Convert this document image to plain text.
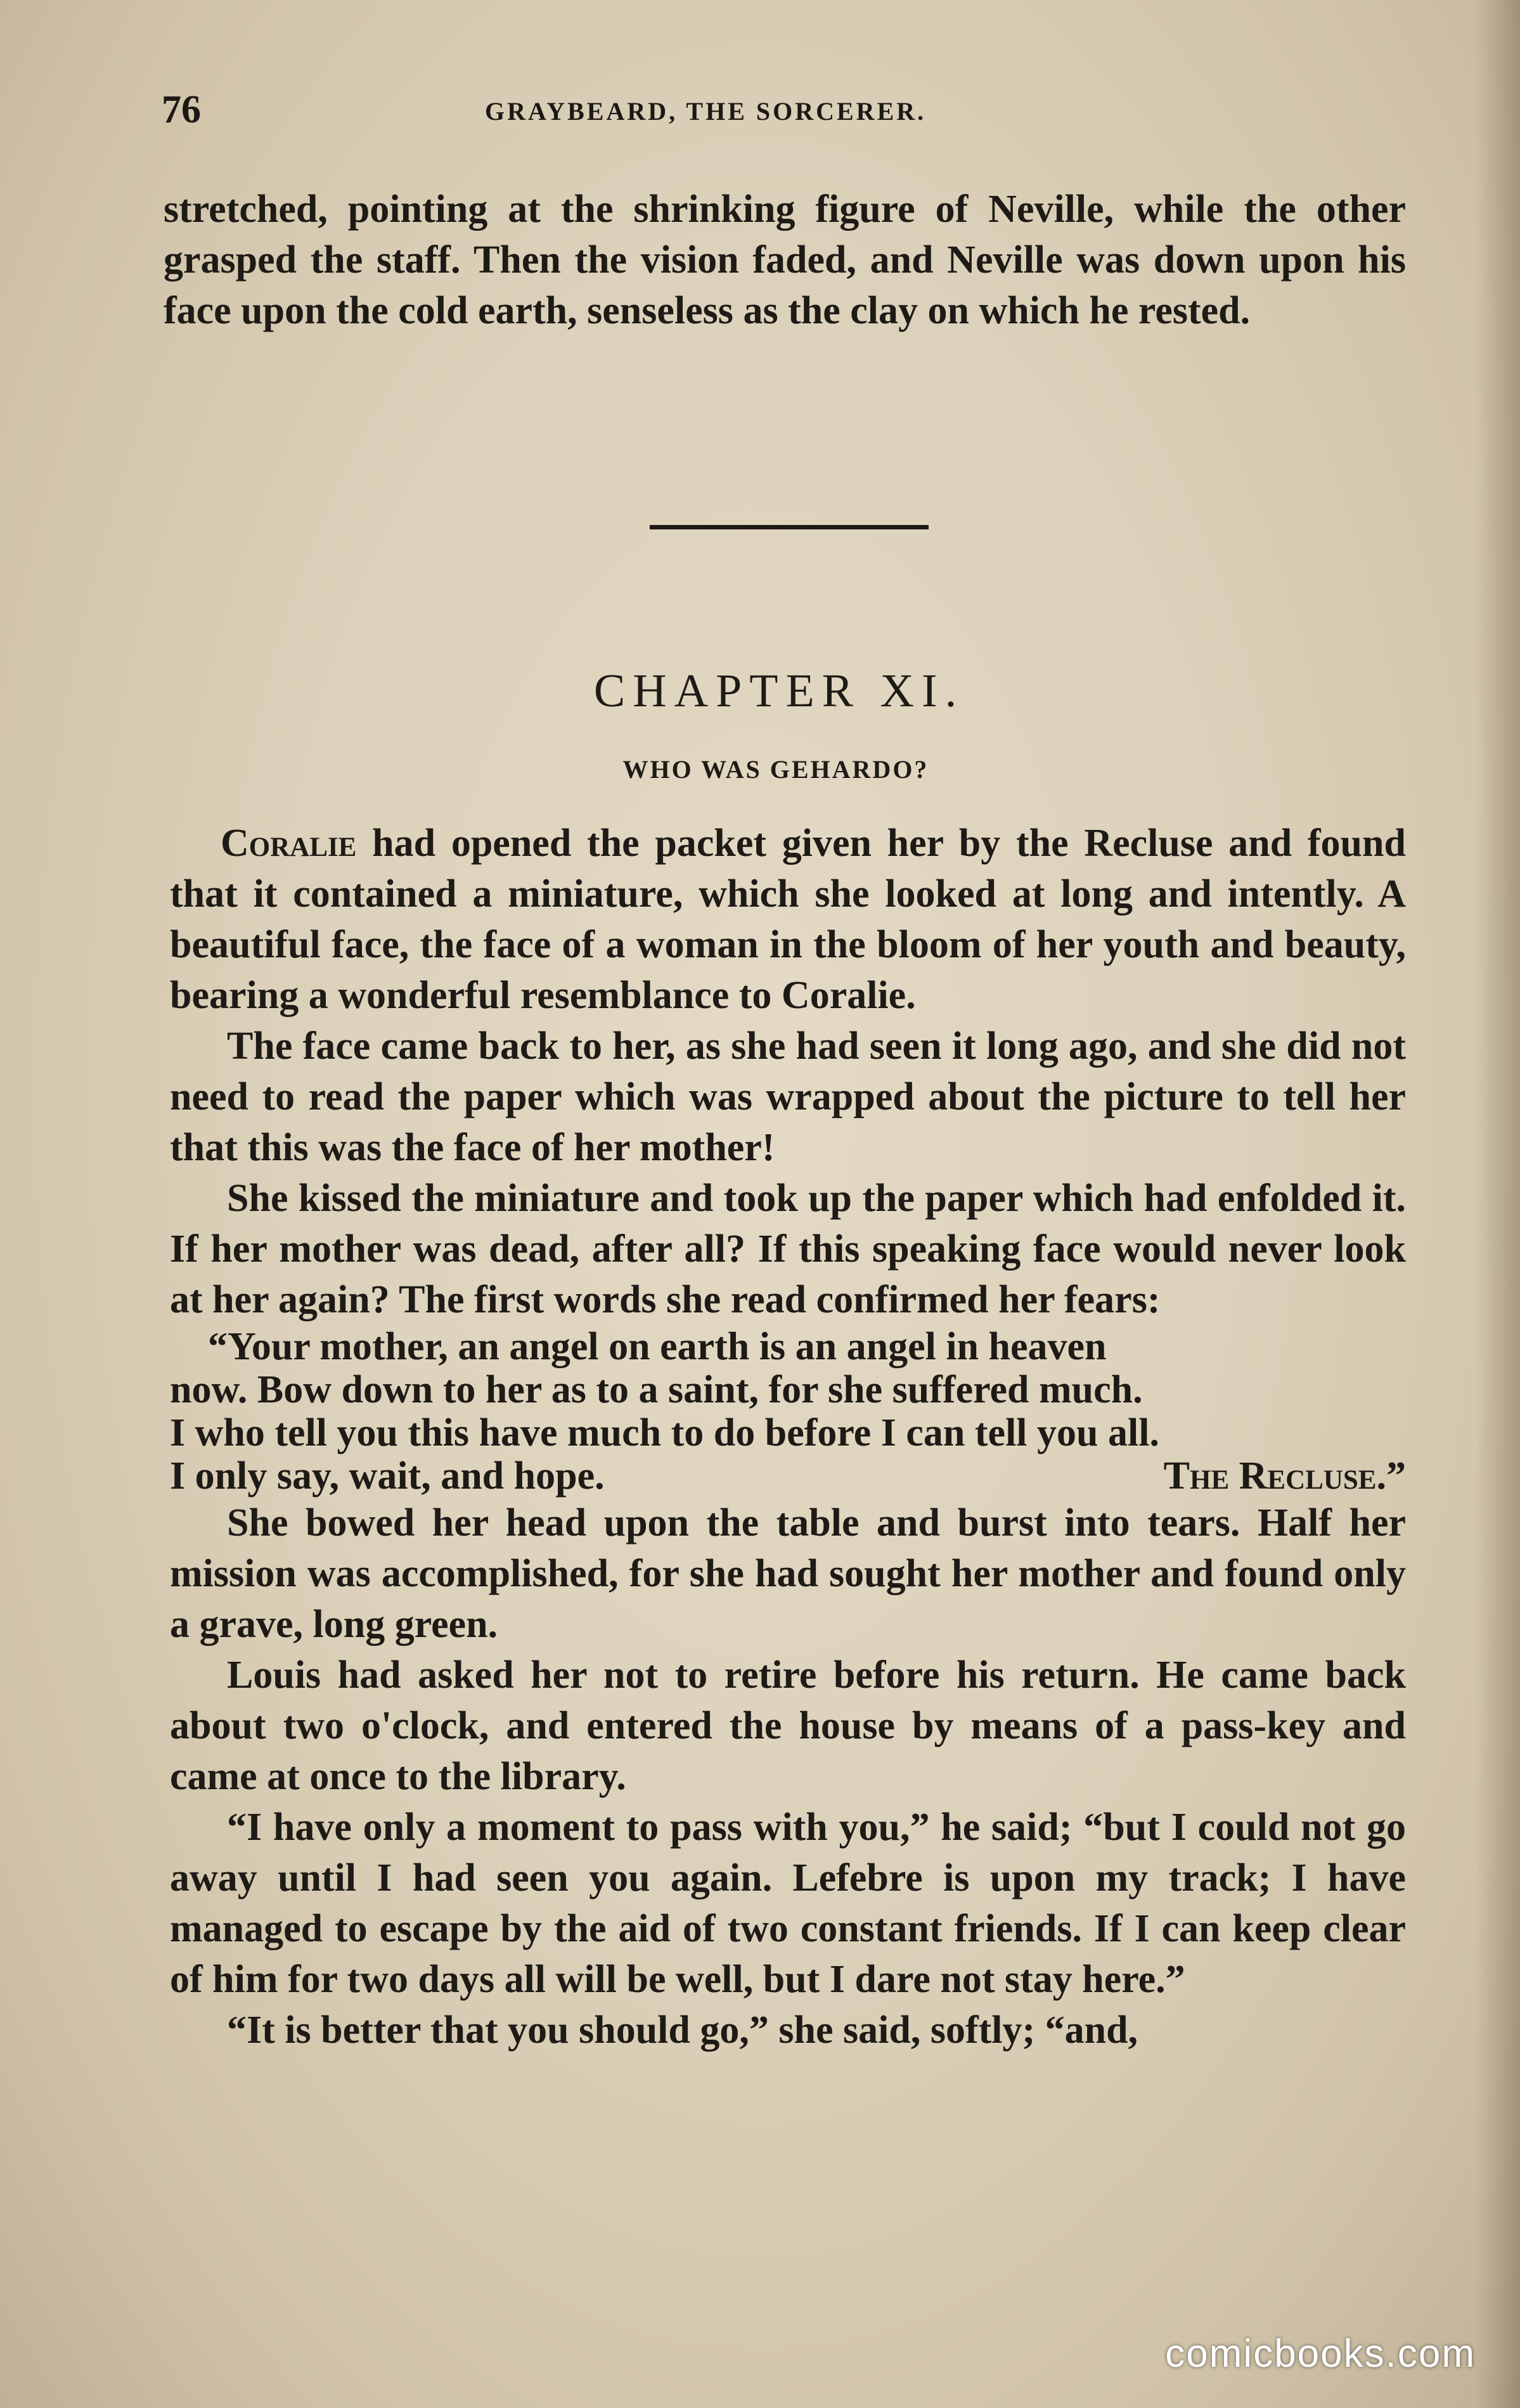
76	GRAYBEARD, THE SORCERER.

stretched, pointing at the shrinking figure of Neville, while the other grasped the staff. Then the vision faded, and Neville was down upon his face upon the cold earth, senseless as the clay on which he rested.

CHAPTER XI.
WHO WAS GEHARDO?

Coralie had opened the packet given her by the Recluse and found that it contained a miniature, which she looked at long and intently. A beautiful face, the face of a woman in the bloom of her youth and beauty, bearing a wonderful resemblance to Coralie.

The face came back to her, as she had seen it long ago, and she did not need to read the paper which was wrapped about the picture to tell her that this was the face of her mother!

She kissed the miniature and took up the paper which had enfolded it. If her mother was dead, after all? If this speaking face would never look at her again? The first words she read confirmed her fears:

“Your mother, an angel on earth is an angel in heaven
now. Bow down to her as to a saint, for she suffered much.
I who tell you this have much to do before I can tell you all.
I only say, wait, and hope.	The Recluse.”

She bowed her head upon the table and burst into tears. Half her mission was accomplished, for she had sought her mother and found only a grave, long green.

Louis had asked her not to retire before his return. He came back about two o'clock, and entered the house by means of a pass-key and came at once to the library.

“I have only a moment to pass with you,” he said; “but I could not go away until I had seen you again. Lefebre is upon my track; I have managed to escape by the aid of two constant friends. If I can keep clear of him for two days all will be well, but I dare not stay here.”

“It is better that you should go,” she said, softly; “and,

comicbooks.com
